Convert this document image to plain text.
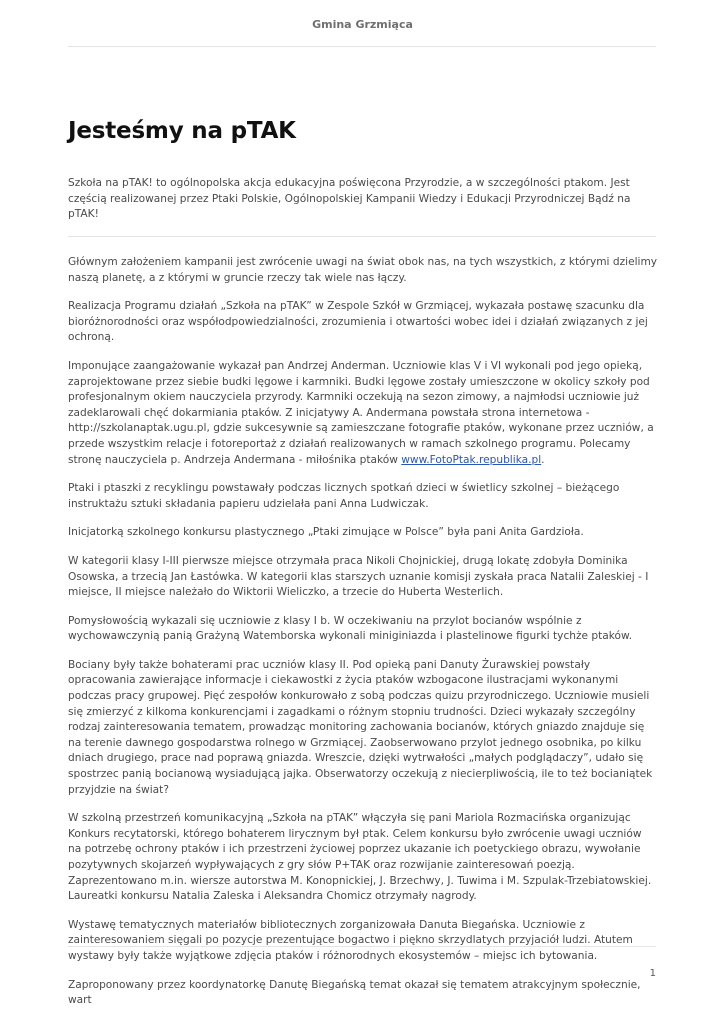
Gmina Grzmiąca
Jesteśmy na pTAK

Szkoła na pTAK! to ogólnopolska akcja edukacyjna poświęcona Przyrodzie, a w szczególności ptakom. Jest częścią realizowanej przez Ptaki Polskie, Ogólnopolskiej Kampanii Wiedzy i Edukacji Przyrodniczej Bądź na pTAK!

Głównym założeniem kampanii jest zwrócenie uwagi na świat obok nas, na tych wszystkich, z którymi dzielimy naszą planetę, a z którymi w gruncie rzeczy tak wiele nas łączy.

Realizacja Programu działań „Szkoła na pTAK” w Zespole Szkół w Grzmiącej, wykazała postawę szacunku dla bioróżnorodności oraz współodpowiedzialności, zrozumienia i otwartości wobec idei i działań związanych z jej ochroną.

Imponujące zaangażowanie wykazał pan Andrzej Anderman. Uczniowie klas V i VI wykonali pod jego opieką, zaprojektowane przez siebie budki lęgowe i karmniki. Budki lęgowe zostały umieszczone w okolicy szkoły pod profesjonalnym okiem nauczyciela przyrody. Karmniki oczekują na sezon zimowy, a najmłodsi uczniowie już zadeklarowali chęć dokarmiania ptaków. Z inicjatywy A. Andermana powstała strona internetowa - http://szkolanaptak.ugu.pl, gdzie sukcesywnie są zamieszczane fotografie ptaków, wykonane przez uczniów, a przede wszystkim relacje i fotoreportaż z działań realizowanych w ramach szkolnego programu. Polecamy stronę nauczyciela p. Andrzeja Andermana - miłośnika ptaków www.FotoPtak.republika.pl.

Ptaki i ptaszki z recyklingu powstawały podczas licznych spotkań dzieci w świetlicy szkolnej – bieżącego instruktażu sztuki składania papieru udzielała pani Anna Ludwiczak.

Inicjatorką szkolnego konkursu plastycznego „Ptaki zimujące w Polsce” była pani Anita Gardzioła.

W kategorii klasy I-III pierwsze miejsce otrzymała praca Nikoli Chojnickiej, drugą lokatę zdobyła Dominika Osowska, a trzecią Jan Łastówka. W kategorii klas starszych uznanie komisji zyskała praca Natalii Zaleskiej - I miejsce, II miejsce należało do Wiktorii Wieliczko, a trzecie do Huberta Westerlich.

Pomysłowością wykazali się uczniowie z klasy I b. W oczekiwaniu na przylot bocianów wspólnie z wychowawczynią panią Grażyną Watemborska wykonali miniginiazda i plastelinowe figurki tychże ptaków.

Bociany były także bohaterami prac uczniów klasy II. Pod opieką pani Danuty Żurawskiej powstały opracowania zawierające informacje i ciekawostki z życia ptaków wzbogacone ilustracjami wykonanymi podczas pracy grupowej. Pięć zespołów konkurowało z sobą podczas quizu przyrodniczego. Uczniowie musieli się zmierzyć z kilkoma konkurencjami i zagadkami o różnym stopniu trudności. Dzieci wykazały szczególny rodzaj zainteresowania tematem, prowadząc monitoring zachowania bocianów, których gniazdo znajduje się na terenie dawnego gospodarstwa rolnego w Grzmiącej. Zaobserwowano przylot jednego osobnika, po kilku dniach drugiego, prace nad poprawą gniazda. Wreszcie, dzięki wytrwałości „małych podglądaczy”, udało się spostrzec panią bocianową wysiadującą jajka. Obserwatorzy oczekują z niecierpliwością, ile to też bocianiątek przyjdzie na świat?

W szkolną przestrzeń komunikacyjną „Szkoła na pTAK” włączyła się pani Mariola Rozmacińska organizując Konkurs recytatorski, którego bohaterem lirycznym był ptak. Celem konkursu było zwrócenie uwagi uczniów na potrzebę ochrony ptaków i ich przestrzeni życiowej poprzez ukazanie ich poetyckiego obrazu, wywołanie pozytywnych skojarzeń wypływających z gry słów P+TAK oraz rozwijanie zainteresowań poezją. Zaprezentowano m.in. wiersze autorstwa M. Konopnickiej, J. Brzechwy, J. Tuwima i M. Szpulak-Trzebiatowskiej. Laureatki konkursu Natalia Zaleska i Aleksandra Chomicz otrzymały nagrody.

Wystawę tematycznych materiałów bibliotecznych zorganizowała Danuta Biegańska. Uczniowie z zainteresowaniem sięgali po pozycje prezentujące bogactwo i piękno skrzydlatych przyjaciół ludzi. Atutem wystawy były także wyjątkowe zdjęcia ptaków i różnorodnych ekosystemów – miejsc ich bytowania.

Zaproponowany przez koordynatorkę Danutę Biegańską temat okazał się tematem atrakcyjnym społecznie, wart

1
